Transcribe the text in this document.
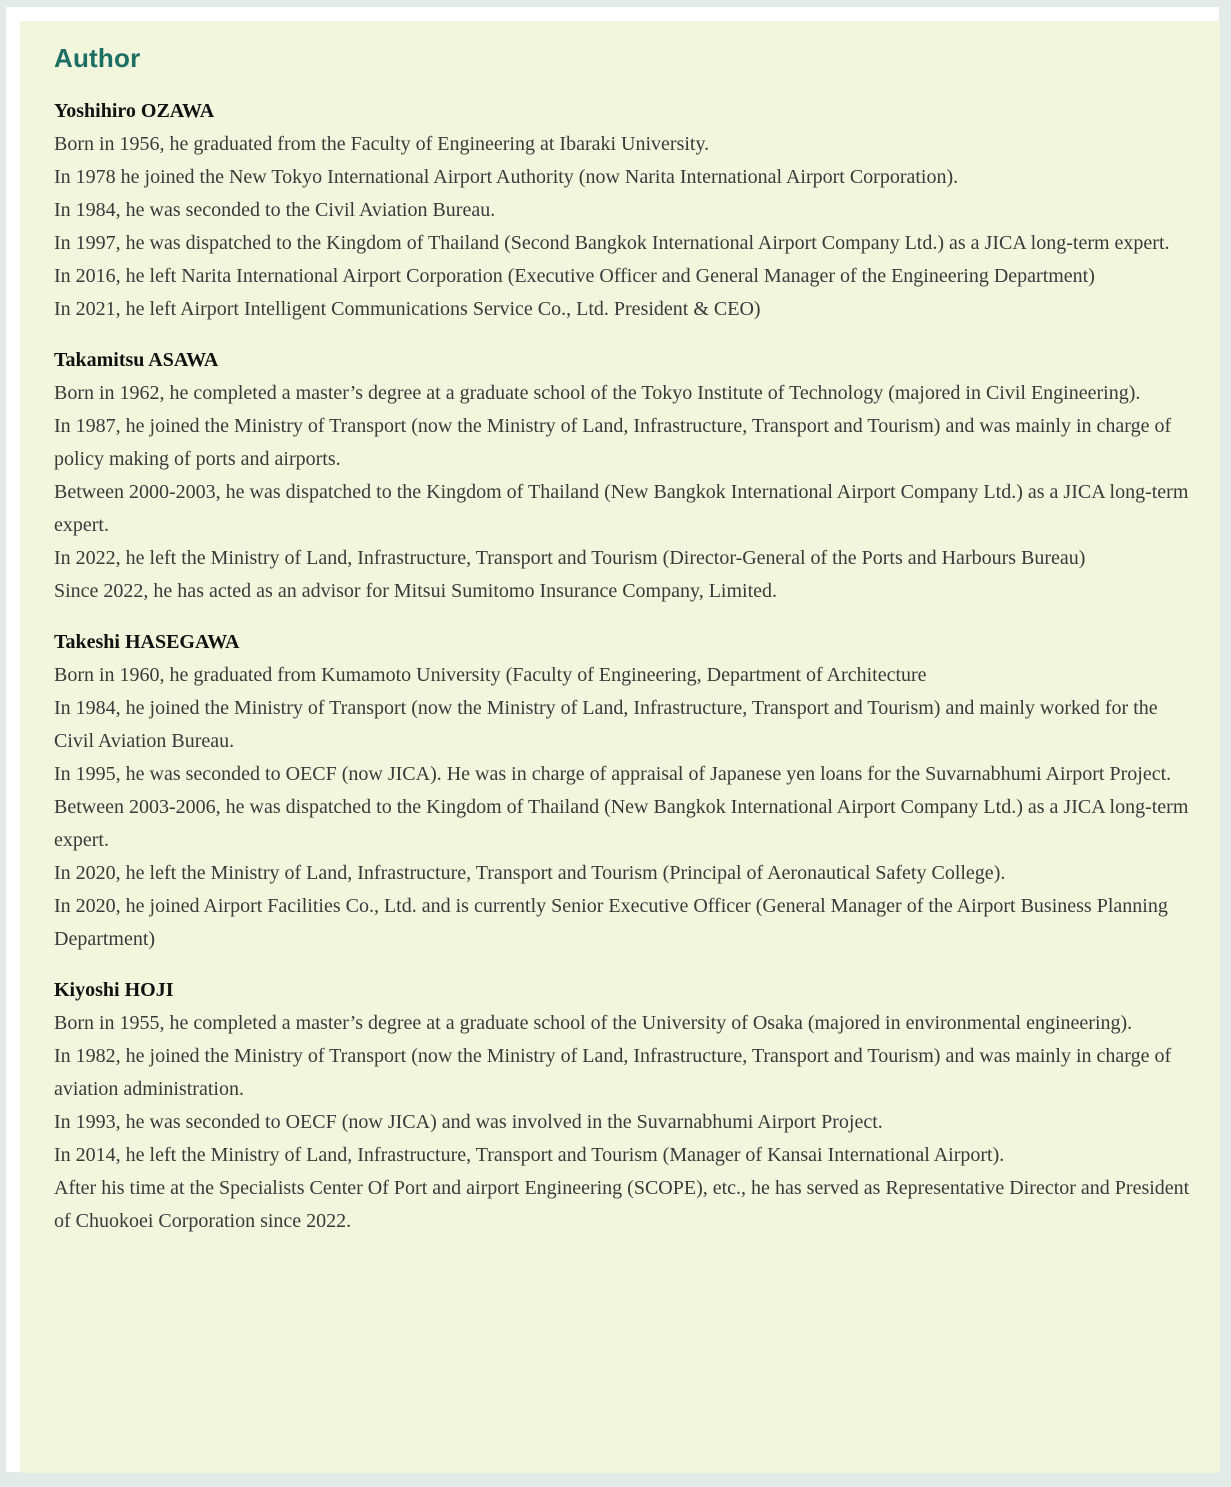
Author

Yoshihiro OZAWA

Born in 1956, he graduated from the Faculty of Engineering at Ibaraki University.

In 1978 he joined the New Tokyo International Airport Authority (now Narita International Airport Corporation).

In 1984, he was seconded to the Civil Aviation Bureau.

In 1997, he was dispatched to the Kingdom of Thailand (Second Bangkok International Airport Company Ltd.) as a JICA long-term expert.

In 2016, he left Narita International Airport Corporation (Executive Officer and General Manager of the Engineering Department)

In 2021, he left Airport Intelligent Communications Service Co., Ltd. President & CEO)

Takamitsu ASAWA

Born in 1962, he completed a master’s degree at a graduate school of the Tokyo Institute of Technology (majored in Civil Engineering).

In 1987, he joined the Ministry of Transport (now the Ministry of Land, Infrastructure, Transport and Tourism) and was mainly in charge of policy making of ports and airports.

Between 2000-2003, he was dispatched to the Kingdom of Thailand (New Bangkok International Airport Company Ltd.) as a JICA long-term expert.

In 2022, he left the Ministry of Land, Infrastructure, Transport and Tourism (Director-General of the Ports and Harbours Bureau)

Since 2022, he has acted as an advisor for Mitsui Sumitomo Insurance Company, Limited.

Takeshi HASEGAWA

Born in 1960, he graduated from Kumamoto University (Faculty of Engineering, Department of Architecture

In 1984, he joined the Ministry of Transport (now the Ministry of Land, Infrastructure, Transport and Tourism) and mainly worked for the Civil Aviation Bureau.

In 1995, he was seconded to OECF (now JICA). He was in charge of appraisal of Japanese yen loans for the Suvarnabhumi Airport Project.

Between 2003-2006, he was dispatched to the Kingdom of Thailand (New Bangkok International Airport Company Ltd.) as a JICA long-term expert.

In 2020, he left the Ministry of Land, Infrastructure, Transport and Tourism (Principal of Aeronautical Safety College).

In 2020, he joined Airport Facilities Co., Ltd. and is currently Senior Executive Officer (General Manager of the Airport Business Planning Department)

Kiyoshi HOJI

Born in 1955, he completed a master’s degree at a graduate school of the University of Osaka (majored in environmental engineering).

In 1982, he joined the Ministry of Transport (now the Ministry of Land, Infrastructure, Transport and Tourism) and was mainly in charge of aviation administration.

In 1993, he was seconded to OECF (now JICA) and was involved in the Suvarnabhumi Airport Project.

In 2014, he left the Ministry of Land, Infrastructure, Transport and Tourism (Manager of Kansai International Airport).

After his time at the Specialists Center Of Port and airport Engineering (SCOPE), etc., he has served as Representative Director and President of Chuokoei Corporation since 2022.
